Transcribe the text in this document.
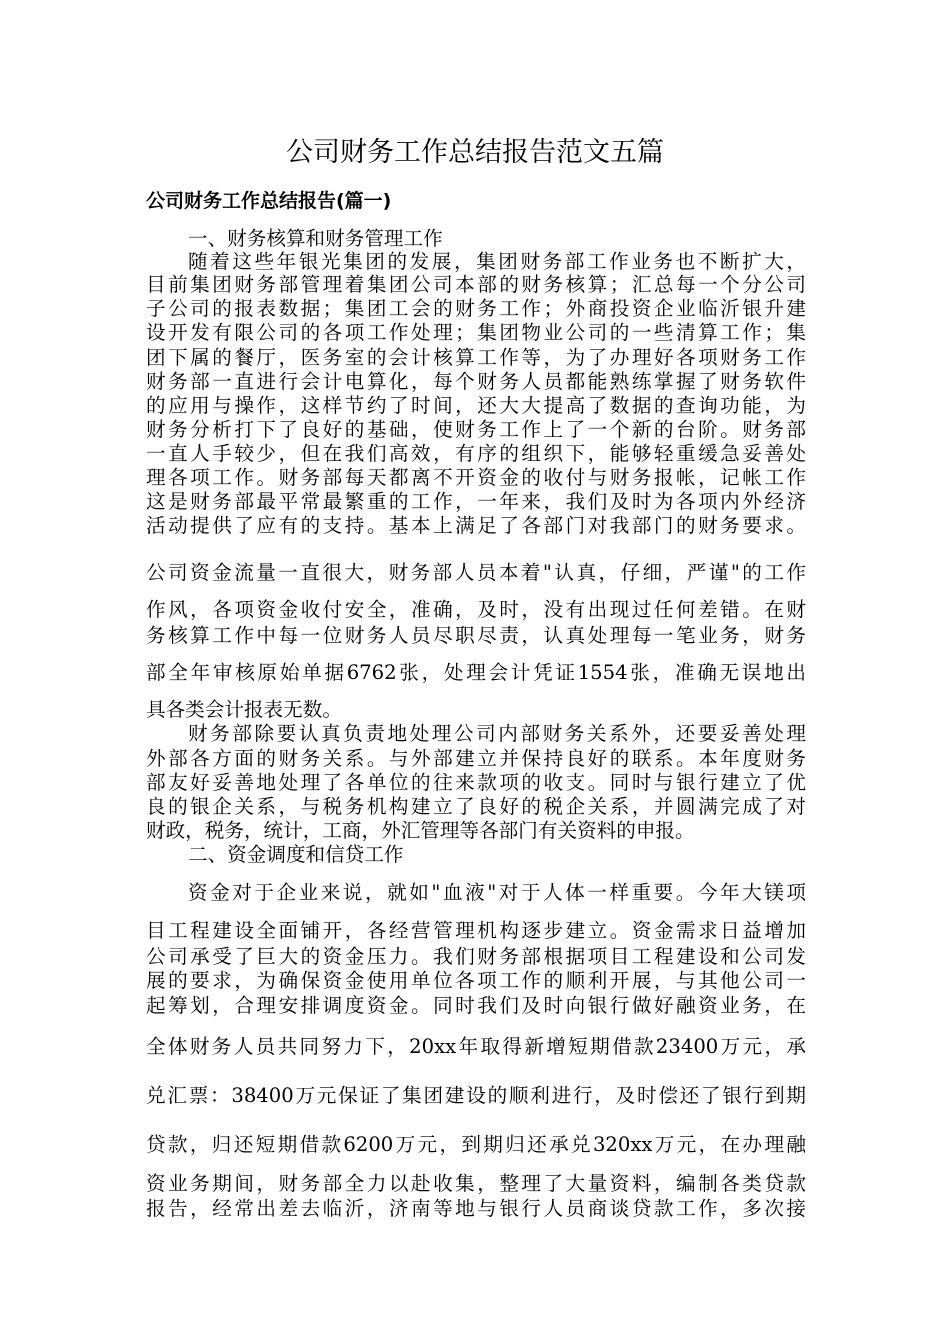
公司财务工作总结报告范文五篇
公司财务工作总结报告(篇一)
一、财务核算和财务管理工作
随着这些年银光集团的发展，集团财务部工作业务也不断扩大，
目前集团财务部管理着集团公司本部的财务核算；汇总每一个分公司
子公司的报表数据；集团工会的财务工作；外商投资企业临沂银升建
设开发有限公司的各项工作处理；集团物业公司的一些清算工作；集
团下属的餐厅，医务室的会计核算工作等，为了办理好各项财务工作
财务部一直进行会计电算化，每个财务人员都能熟练掌握了财务软件
的应用与操作，这样节约了时间，还大大提高了数据的查询功能，为
财务分析打下了良好的基础，使财务工作上了一个新的台阶。财务部
一直人手较少，但在我们高效，有序的组织下，能够轻重缓急妥善处
理各项工作。财务部每天都离不开资金的收付与财务报帐，记帐工作
这是财务部最平常最繁重的工作，一年来，我们及时为各项内外经济
活动提供了应有的支持。基本上满足了各部门对我部门的财务要求。
公司资金流量一直很大，财务部人员本着"认真，仔细，严谨"的工作
作风，各项资金收付安全，准确，及时，没有出现过任何差错。在财
务核算工作中每一位财务人员尽职尽责，认真处理每一笔业务，财务
部全年审核原始单据6762张，处理会计凭证1554张，准确无误地出
具各类会计报表无数。
财务部除要认真负责地处理公司内部财务关系外，还要妥善处理
外部各方面的财务关系。与外部建立并保持良好的联系。本年度财务
部友好妥善地处理了各单位的往来款项的收支。同时与银行建立了优
良的银企关系，与税务机构建立了良好的税企关系，并圆满完成了对
财政，税务，统计，工商，外汇管理等各部门有关资料的申报。
二、资金调度和信贷工作
资金对于企业来说，就如"血液"对于人体一样重要。今年大镁项
目工程建设全面铺开，各经营管理机构逐步建立。资金需求日益增加
公司承受了巨大的资金压力。我们财务部根据项目工程建设和公司发
展的要求，为确保资金使用单位各项工作的顺利开展，与其他公司一
起筹划，合理安排调度资金。同时我们及时向银行做好融资业务，在
全体财务人员共同努力下，20xx年取得新增短期借款23400万元，承
兑汇票：38400万元保证了集团建设的顺利进行，及时偿还了银行到期
贷款，归还短期借款6200万元，到期归还承兑320xx万元，在办理融
资业务期间，财务部全力以赴收集，整理了大量资料，编制各类贷款
报告，经常出差去临沂，济南等地与银行人员商谈贷款工作，多次接
